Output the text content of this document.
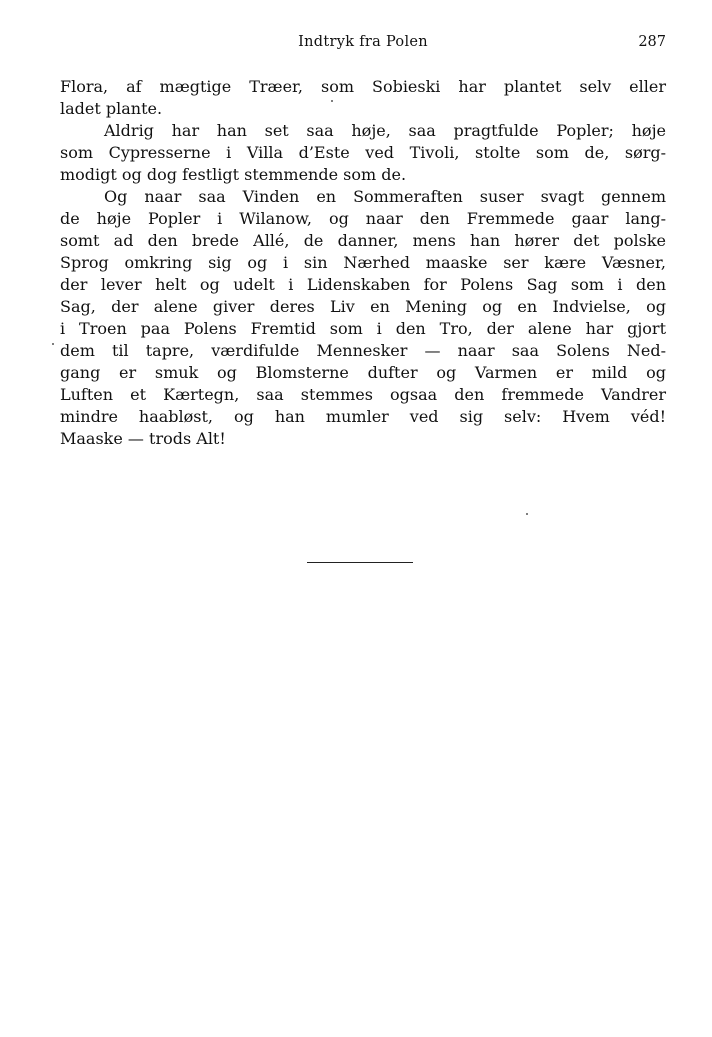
Indtryk fra Polen	287
Flora, af mægtige Træer, som Sobieski har plantet selv eller
ladet plante.
Aldrig har han set saa høje, saa pragtfulde Popler; høje
som Cypresserne i Villa d’Este ved Tivoli, stolte som de, sørg-
modigt og dog festligt stemmende som de.
Og naar saa Vinden en Sommeraften suser svagt gennem
de høje Popler i Wilanow, og naar den Fremmede gaar lang-
somt ad den brede Allé, de danner, mens han hører det polske
Sprog omkring sig og i sin Nærhed maaske ser kære Væsner,
der lever helt og udelt i Lidenskaben for Polens Sag som i den
Sag, der alene giver deres Liv en Mening og en Indvielse, og
i Troen paa Polens Fremtid som i den Tro, der alene har gjort
dem til tapre, værdifulde Mennesker — naar saa Solens Ned-
gang er smuk og Blomsterne dufter og Varmen er mild og
Luften et Kærtegn, saa stemmes ogsaa den fremmede Vandrer
mindre haabløst, og han mumler ved sig selv: Hvem véd!
Maaske — trods Alt!
